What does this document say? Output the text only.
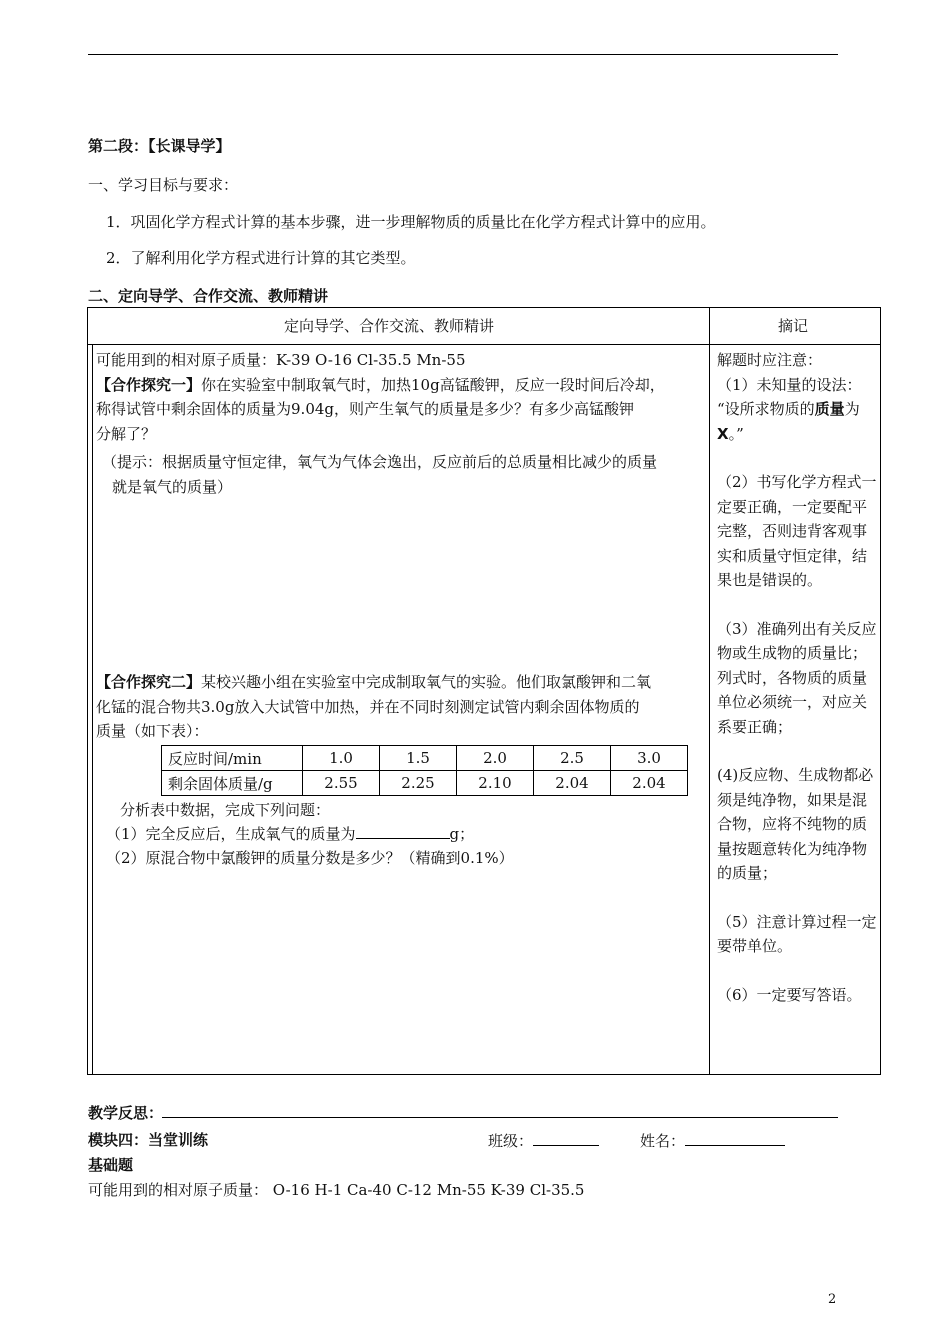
第二段：【长课导学】
一、学习目标与要求：
1．巩固化学方程式计算的基本步骤，进一步理解物质的质量比在化学方程式计算中的应用。
2．了解利用化学方程式进行计算的其它类型。
二、定向导学、合作交流、教师精讲
定向导学、合作交流、教师精讲	摘记
可能用到的相对原子质量：K-39 O-16 Cl-35.5 Mn-55
【合作探究一】你在实验室中制取氧气时，加热10g高锰酸钾，反应一段时间后冷却，
称得试管中剩余固体的质量为9.04g，则产生氧气的质量是多少？有多少高锰酸钾
分解了？
（提示：根据质量守恒定律，氧气为气体会逸出，反应前后的总质量相比减少的质量
就是氧气的质量）
【合作探究二】某校兴趣小组在实验室中完成制取氧气的实验。他们取氯酸钾和二氧
化锰的混合物共3.0g放入大试管中加热，并在不同时刻测定试管内剩余固体物质的
质量（如下表）：
反应时间/min	1.0	1.5	2.0	2.5	3.0
剩余固体质量/g	2.55	2.25	2.10	2.04	2.04
分析表中数据，完成下列问题：
（1）完全反应后，生成氧气的质量为	g；
（2）原混合物中氯酸钾的质量分数是多少？（精确到0.1%）

解题时应注意：

（1）未知量的设法：
“设所求物质的质量为X。”

（2）书写化学方程式一定要正确，一定要配平完整，否则违背客观事实和质量守恒定律，结果也是错误的。

（3）准确列出有关反应物或生成物的质量比；列式时，各物质的质量单位必须统一，对应关系要正确；

(4)反应物、生成物都必须是纯净物，如果是混合物，应将不纯物的质量按题意转化为纯净物的质量；

（5）注意计算过程一定要带单位。

（6）一定要写答语。

教学反思：
模块四：当堂训练	班级：	姓名：
基础题
可能用到的相对原子质量： O-16 H-1 Ca-40 C-12 Mn-55 K-39 Cl-35.5
2
